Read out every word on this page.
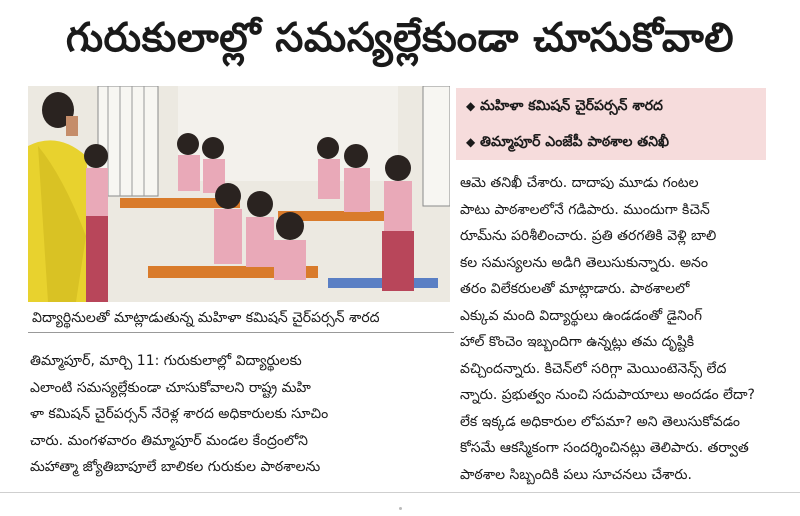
గురుకులాల్లో సమస్యల్లేకుండా చూసుకోవాలి
విద్యార్థినులతో మాట్లాడుతున్న మహిళా కమిషన్ చైర్‌పర్సన్ శారద
◆ మహిళా కమిషన్ చైర్‌పర్సన్ శారద
◆ తిమ్మాపూర్ ఎంజేపీ పాఠశాల తనిఖీ

తిమ్మాపూర్, మార్చి 11: గురుకులాల్లో విద్యార్థులకు

ఎలాంటి సమస్యల్లేకుండా చూసుకోవాలని రాష్ట్ర మహి

ళా కమిషన్ చైర్‌పర్సన్ నేరెళ్ల శారద అధికారులకు సూచిం

చారు. మంగళవారం తిమ్మాపూర్ మండల కేంద్రంలోని

మహాత్మా జ్యోతిబాపూలే బాలికల గురుకుల పాఠశాలను

ఆమె తనిఖీ చేశారు. దాదాపు మూడు గంటల

పాటు పాఠశాలలోనే గడిపారు. ముందుగా కిచెన్

రూమ్‌ను పరిశీలించారు. ప్రతి తరగతికి వెళ్లి బాలి

కల సమస్యలను అడిగి తెలుసుకున్నారు. అనం

తరం విలేకరులతో మాట్లాడారు. పాఠశాలలో

ఎక్కువ మంది విద్యార్థులు ఉండడంతో డైనింగ్

హాల్ కొంచెం ఇబ్బందిగా ఉన్నట్లు తమ దృష్టికి

వచ్చిందన్నారు. కిచెన్‌లో సరిగ్గా మెయింటెనెన్స్ లేద

న్నారు. ప్రభుత్వం నుంచి సదుపాయాలు అందడం లేదా?

లేక ఇక్కడ అధికారుల లోపమా? అని తెలుసుకోవడం

కోసమే ఆకస్మికంగా సందర్శించినట్లు తెలిపారు. తర్వాత

పాఠశాల సిబ్బందికి పలు సూచనలు చేశారు.
